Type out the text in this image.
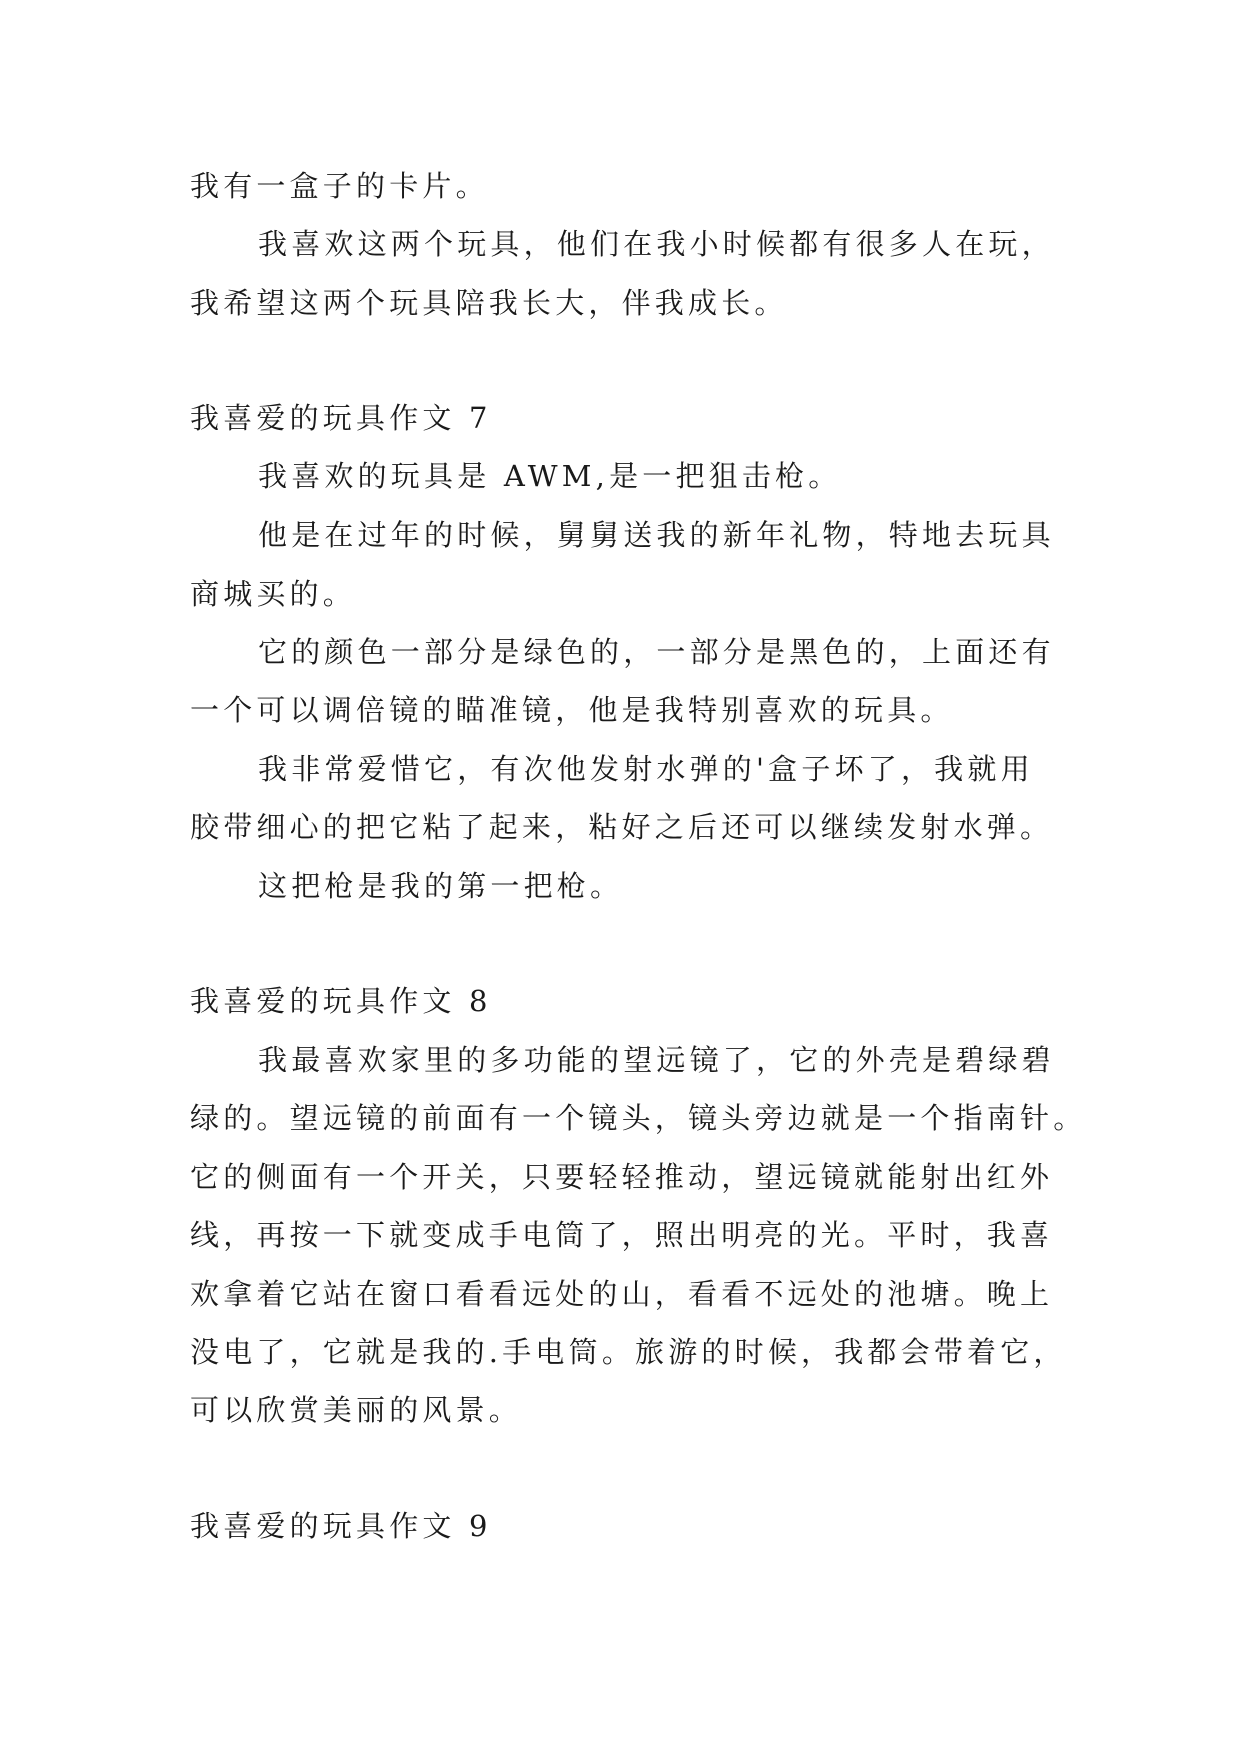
我有一盒子的卡片。
我喜欢这两个玩具，他们在我小时候都有很多人在玩，
我希望这两个玩具陪我长大，伴我成长。
我喜爱的玩具作文 7
我喜欢的玩具是 AWM,是一把狙击枪。
他是在过年的时候，舅舅送我的新年礼物，特地去玩具
商城买的。
它的颜色一部分是绿色的，一部分是黑色的，上面还有
一个可以调倍镜的瞄准镜，他是我特别喜欢的玩具。
我非常爱惜它，有次他发射水弹的'盒子坏了，我就用
胶带细心的把它粘了起来，粘好之后还可以继续发射水弹。
这把枪是我的第一把枪。
我喜爱的玩具作文 8
我最喜欢家里的多功能的望远镜了，它的外壳是碧绿碧
绿的。望远镜的前面有一个镜头，镜头旁边就是一个指南针。
它的侧面有一个开关，只要轻轻推动，望远镜就能射出红外
线，再按一下就变成手电筒了，照出明亮的光。平时，我喜
欢拿着它站在窗口看看远处的山，看看不远处的池塘。晚上
没电了，它就是我的.手电筒。旅游的时候，我都会带着它，
可以欣赏美丽的风景。
我喜爱的玩具作文 9
